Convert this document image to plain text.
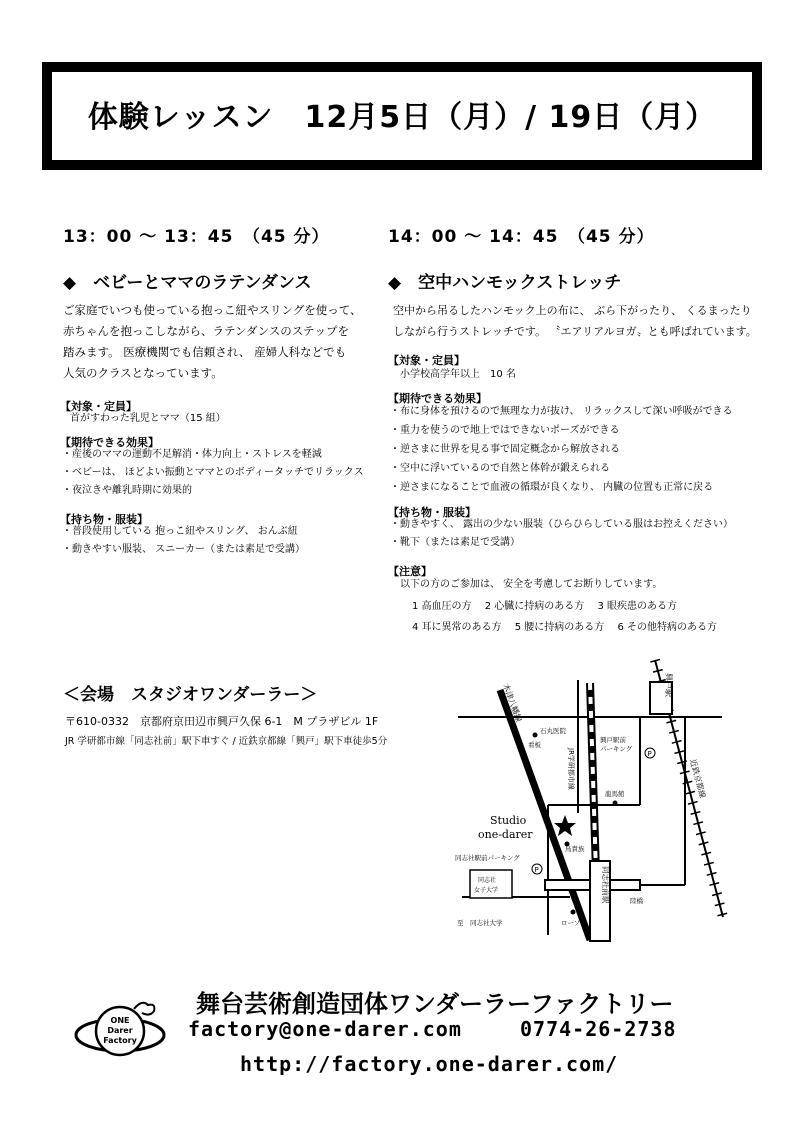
体験レッスン　12月5日（月）/ 19日（月）
13：00 ～ 13：45　（45 分）
◆　ベビーとママのラテンダンス
ご家庭でいつも使っている抱っこ紐やスリングを使って、
赤ちゃんを抱っこしながら、ラテンダンスのステップを
踏みます。 医療機関でも信頼され、 産婦人科などでも
人気のクラスとなっています。
【対象・定員】
首がすわった乳児とママ（15 組）
【期待できる効果】
・産後のママの運動不足解消・体力向上・ストレスを軽減
・ベビーは、 ほどよい振動とママとのボディータッチでリラックス
・夜泣きや離乳時期に効果的
【持ち物・服装】
・普段使用している 抱っこ紐やスリング、 おんぶ紐
・動きやすい服装、 スニーカー（または素足で受講）
14：00 ～ 14：45　（45 分）
◆　空中ハンモックストレッチ
空中から吊るしたハンモック上の布に、 ぶら下がったり、 くるまったり
しながら行うストレッチです。 〝エアリアルヨガ〟とも呼ばれています。
【対象・定員】
小学校高学年以上　10 名
【期待できる効果】
・布に身体を預けるので無理な力が抜け、 リラックスして深い呼吸ができる
・重力を使うので地上ではできないポーズができる
・逆さまに世界を見る事で固定概念から解放される
・空中に浮いているので自然と体幹が鍛えられる
・逆さまになることで血液の循環が良くなり、 内臓の位置も正常に戻る
【持ち物・服装】
・動きやすく、 露出の少ない服装（ひらひらしている服はお控えください）
・靴下（または素足で受講）
【注意】
以下の方のご参加は、 安全を考慮してお断りしています。
1 高血圧の方　 2 心臓に持病のある方　 3 眼疾患のある方
4 耳に異常のある方　 5 腰に持病のある方　 6 その他特病のある方
＜会場　スタジオワンダーラー＞
〒610-0332　京都府京田辺市興戸久保 6-1　M プラザビル 1F
JR 学研都市線「同志社前」駅下車すぐ / 近鉄京都線「興戸」駅下車徒歩5分
P
P
木津八幡線	興戸駅
近鉄京都線
JR学研都市線
石丸医院
看板
興戸駅前
パーキング
龍馬館
Studio
one-darer
鳥貴族
同志社駅前パーキング
同志社前駅
同志社
女子大学
陸橋
ローソン
至　同志社大学
ONE
Darer
Factory
舞台芸術創造団体ワンダーラーファクトリー
factory@one-darer.com	0774-26-2738
http://factory.one-darer.com/
